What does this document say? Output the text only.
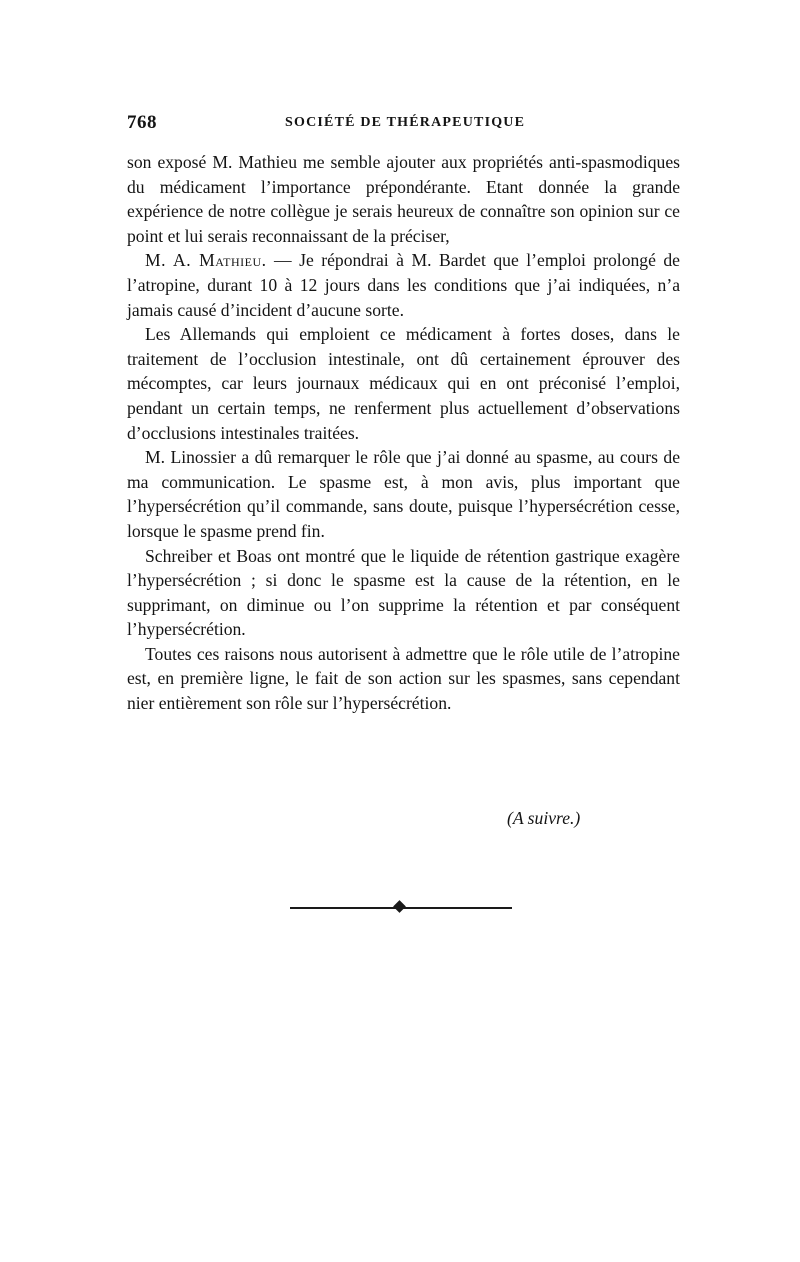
768	SOCIÉTÉ DE THÉRAPEUTIQUE

son exposé M. Mathieu me semble ajouter aux propriétés anti-spasmodiques du médicament l’importance prépondérante. Etant donnée la grande expérience de notre collègue je serais heureux de connaître son opinion sur ce point et lui serais reconnaissant de la préciser,

M. A. Mathieu. — Je répondrai à M. Bardet que l’emploi prolongé de l’atropine, durant 10 à 12 jours dans les conditions que j’ai indiquées, n’a jamais causé d’incident d’aucune sorte.

Les Allemands qui emploient ce médicament à fortes doses, dans le traitement de l’occlusion intestinale, ont dû certainement éprouver des mécomptes, car leurs journaux médicaux qui en ont préconisé l’emploi, pendant un certain temps, ne renferment plus actuellement d’observations d’occlusions intestinales traitées.

M. Linossier a dû remarquer le rôle que j’ai donné au spasme, au cours de ma communication. Le spasme est, à mon avis, plus important que l’hypersécrétion qu’il commande, sans doute, puisque l’hypersécrétion cesse, lorsque le spasme prend fin.

Schreiber et Boas ont montré que le liquide de rétention gastrique exagère l’hypersécrétion ; si donc le spasme est la cause de la rétention, en le supprimant, on diminue ou l’on supprime la rétention et par conséquent l’hypersécrétion.

Toutes ces raisons nous autorisent à admettre que le rôle utile de l’atropine est, en première ligne, le fait de son action sur les spasmes, sans cependant nier entièrement son rôle sur l’hypersécrétion.

(A suivre.)
